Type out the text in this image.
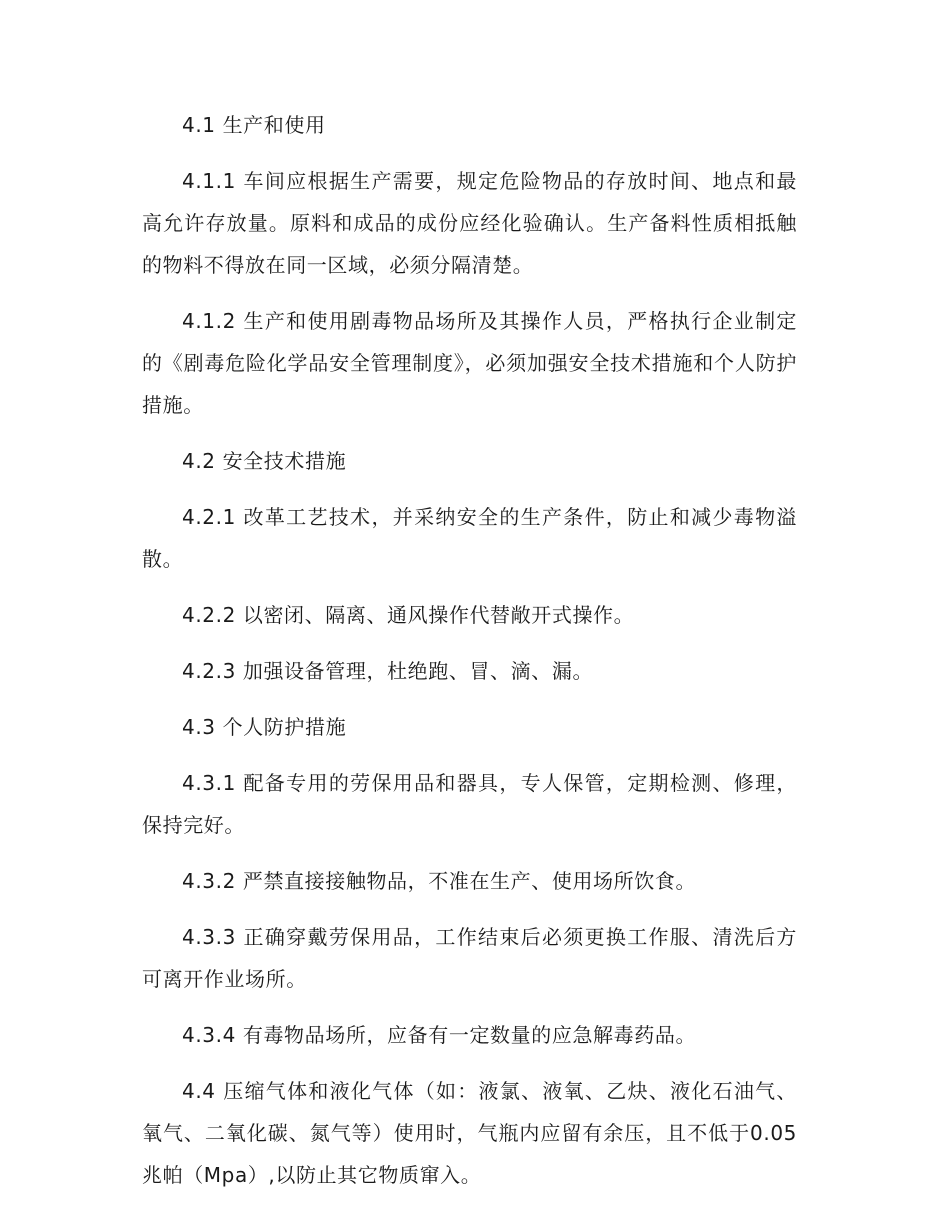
4.1 生产和使用

4.1.1 车间应根据生产需要，规定危险物品的存放时间、地点和最高允许存放量。原料和成品的成份应经化验确认。生产备料性质相抵触的物料不得放在同一区域，必须分隔清楚。

4.1.2 生产和使用剧毒物品场所及其操作人员，严格执行企业制定的《剧毒危险化学品安全管理制度》，必须加强安全技术措施和个人防护措施。

4.2 安全技术措施

4.2.1 改革工艺技术，并采纳安全的生产条件，防止和减少毒物溢散。

4.2.2 以密闭、隔离、通风操作代替敞开式操作。

4.2.3 加强设备管理，杜绝跑、冒、滴、漏。

4.3 个人防护措施

4.3.1 配备专用的劳保用品和器具，专人保管，定期检测、修理，保持完好。

4.3.2 严禁直接接触物品，不准在生产、使用场所饮食。

4.3.3 正确穿戴劳保用品，工作结束后必须更换工作服、清洗后方可离开作业场所。

4.3.4 有毒物品场所，应备有一定数量的应急解毒药品。

4.4 压缩气体和液化气体（如：液氯、液氧、乙炔、液化石油气、氧气、二氧化碳、氮气等）使用时，气瓶内应留有余压，且不低于0.05兆帕（Mpa）,以防止其它物质窜入。
